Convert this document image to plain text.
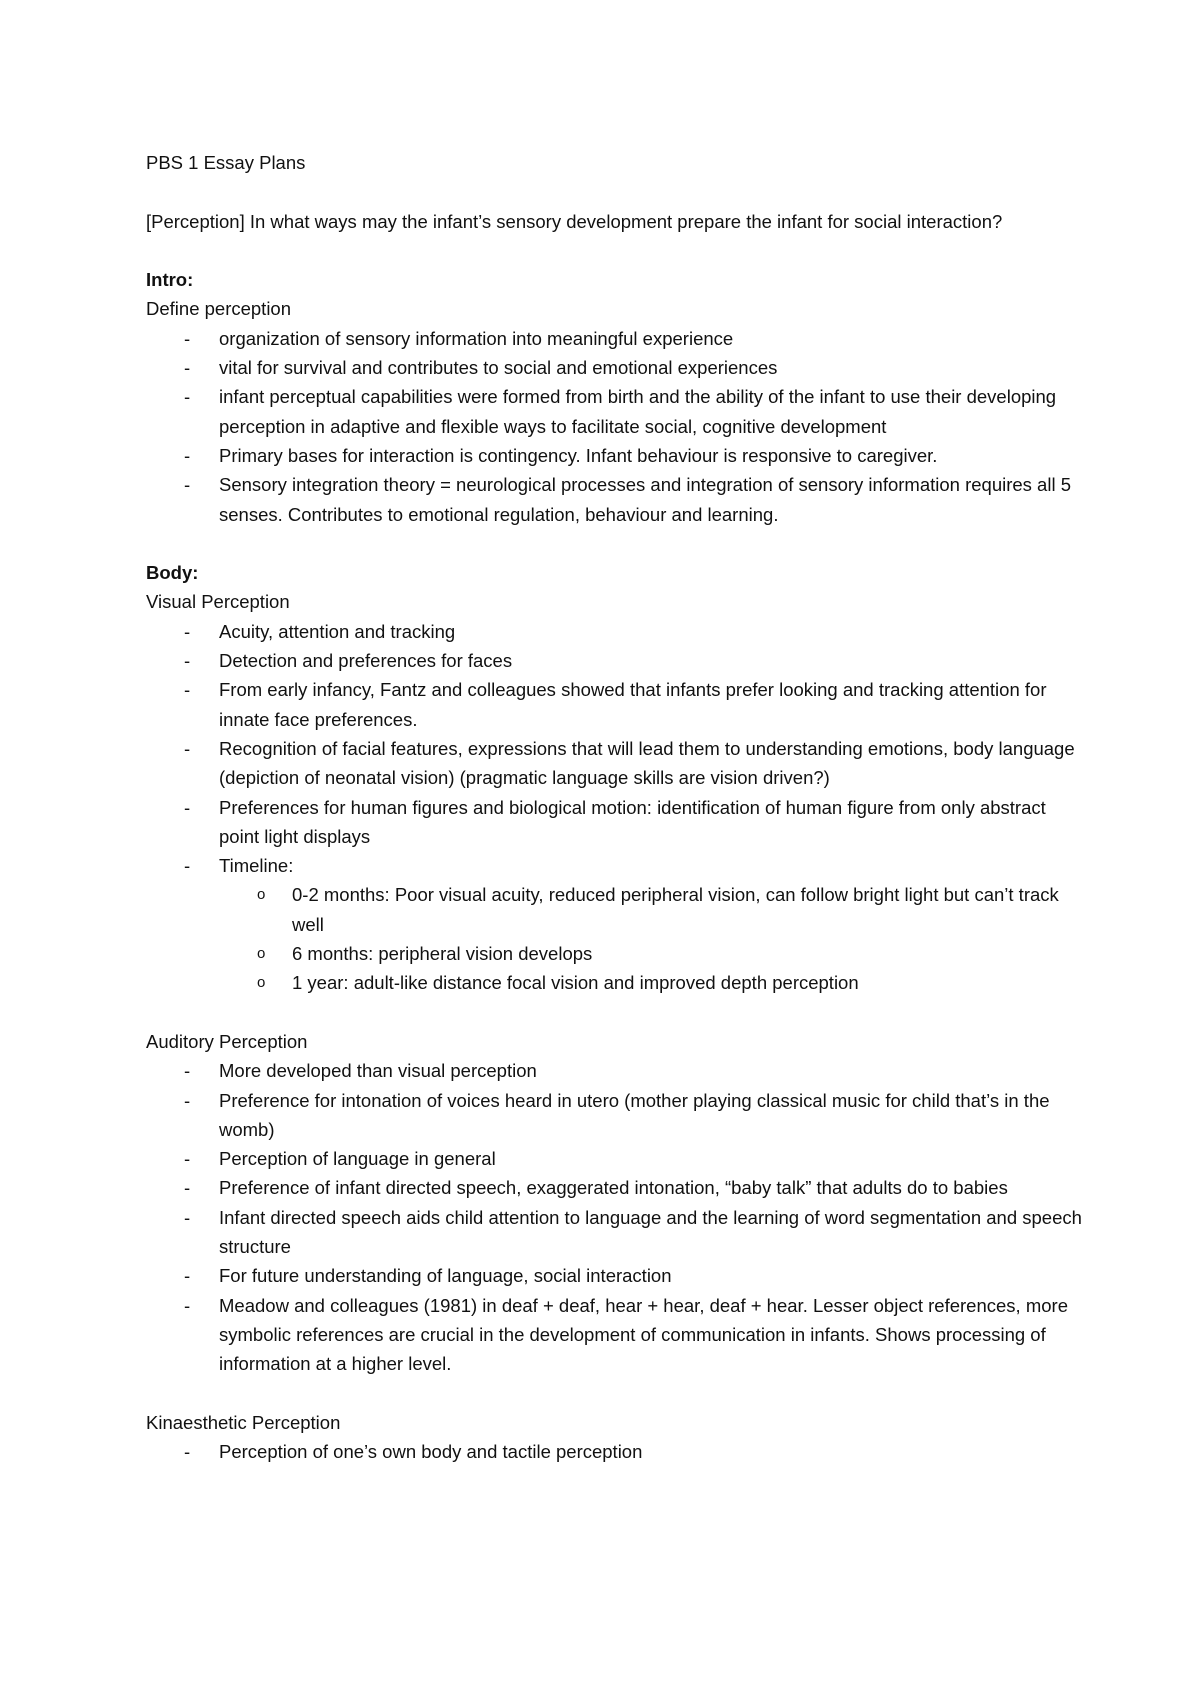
PBS 1 Essay Plans

[Perception] In what ways may the infant’s sensory development prepare the infant for social interaction?

Intro:

Define perception

- organization of sensory information into meaningful experience
- vital for survival and contributes to social and emotional experiences
- infant perceptual capabilities were formed from birth and the ability of the infant to use their developing perception in adaptive and flexible ways to facilitate social, cognitive development
- Primary bases for interaction is contingency. Infant behaviour is responsive to caregiver.
- Sensory integration theory = neurological processes and integration of sensory information requires all 5 senses. Contributes to emotional regulation, behaviour and learning.

Body:

Visual Perception

- Acuity, attention and tracking
- Detection and preferences for faces
- From early infancy, Fantz and colleagues showed that infants prefer looking and tracking attention for innate face preferences.
- Recognition of facial features, expressions that will lead them to understanding emotions, body language (depiction of neonatal vision) (pragmatic language skills are vision driven?)
- Preferences for human figures and biological motion: identification of human figure from only abstract point light displays
- Timeline:
o 0-2 months: Poor visual acuity, reduced peripheral vision, can follow bright light but can’t track well
o 6 months: peripheral vision develops
o 1 year: adult-like distance focal vision and improved depth perception

Auditory Perception

- More developed than visual perception
- Preference for intonation of voices heard in utero (mother playing classical music for child that’s in the womb)
- Perception of language in general
- Preference of infant directed speech, exaggerated intonation, “baby talk” that adults do to babies
- Infant directed speech aids child attention to language and the learning of word segmentation and speech structure
- For future understanding of language, social interaction
- Meadow and colleagues (1981) in deaf + deaf, hear + hear, deaf + hear. Lesser object references, more symbolic references are crucial in the development of communication in infants. Shows processing of information at a higher level.

Kinaesthetic Perception

- Perception of one’s own body and tactile perception
